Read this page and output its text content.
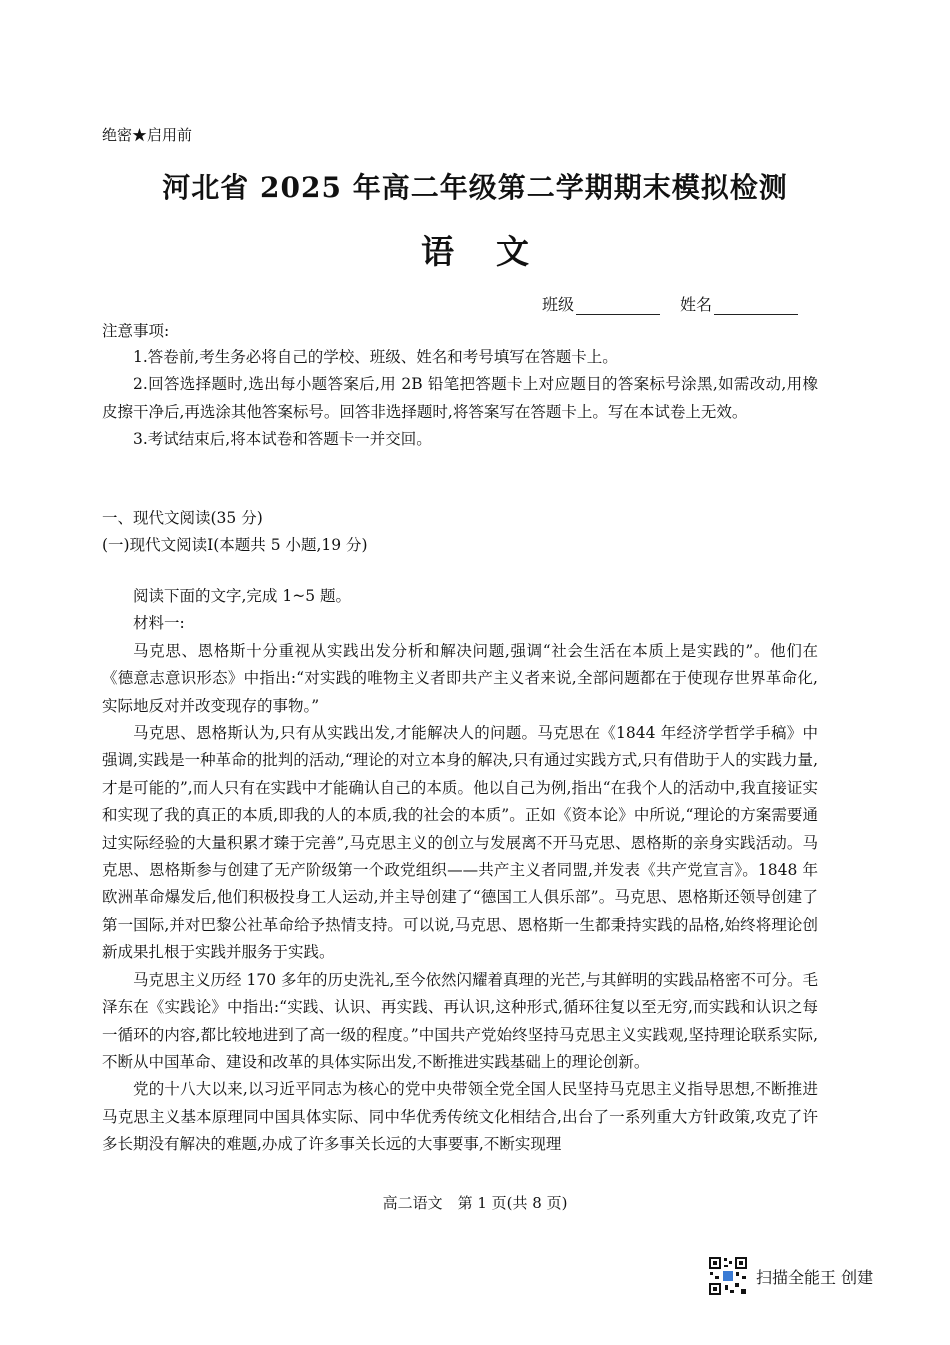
绝密★启用前
河北省 2025 年高二年级第二学期期末模拟检测
语文
班级	姓名
注意事项:

1.答卷前,考生务必将自己的学校、班级、姓名和考号填写在答题卡上。

2.回答选择题时,选出每小题答案后,用 2B 铅笔把答题卡上对应题目的答案标号涂黑,如需改动,用橡皮擦干净后,再选涂其他答案标号。回答非选择题时,将答案写在答题卡上。写在本试卷上无效。

3.考试结束后,将本试卷和答题卡一并交回。

一、现代文阅读(35 分)
(一)现代文阅读Ⅰ(本题共 5 小题,19 分)

阅读下面的文字,完成 1~5 题。

材料一:

马克思、恩格斯十分重视从实践出发分析和解决问题,强调“社会生活在本质上是实践的”。他们在《德意志意识形态》中指出:“对实践的唯物主义者即共产主义者来说,全部问题都在于使现存世界革命化,实际地反对并改变现存的事物。”

马克思、恩格斯认为,只有从实践出发,才能解决人的问题。马克思在《1844 年经济学哲学手稿》中强调,实践是一种革命的批判的活动,“理论的对立本身的解决,只有通过实践方式,只有借助于人的实践力量,才是可能的”,而人只有在实践中才能确认自己的本质。他以自己为例,指出“在我个人的活动中,我直接证实和实现了我的真正的本质,即我的人的本质,我的社会的本质”。正如《资本论》中所说,“理论的方案需要通过实际经验的大量积累才臻于完善”,马克思主义的创立与发展离不开马克思、恩格斯的亲身实践活动。马克思、恩格斯参与创建了无产阶级第一个政党组织——共产主义者同盟,并发表《共产党宣言》。1848 年欧洲革命爆发后,他们积极投身工人运动,并主导创建了“德国工人俱乐部”。马克思、恩格斯还领导创建了第一国际,并对巴黎公社革命给予热情支持。可以说,马克思、恩格斯一生都秉持实践的品格,始终将理论创新成果扎根于实践并服务于实践。

马克思主义历经 170 多年的历史洗礼,至今依然闪耀着真理的光芒,与其鲜明的实践品格密不可分。毛泽东在《实践论》中指出:“实践、认识、再实践、再认识,这种形式,循环往复以至无穷,而实践和认识之每一循环的内容,都比较地进到了高一级的程度。”中国共产党始终坚持马克思主义实践观,坚持理论联系实际,不断从中国革命、建设和改革的具体实际出发,不断推进实践基础上的理论创新。

党的十八大以来,以习近平同志为核心的党中央带领全党全国人民坚持马克思主义指导思想,不断推进马克思主义基本原理同中国具体实际、同中华优秀传统文化相结合,出台了一系列重大方针政策,攻克了许多长期没有解决的难题,办成了许多事关长远的大事要事,不断实现理

高二语文　第 1 页(共 8 页)
扫描全能王 创建
